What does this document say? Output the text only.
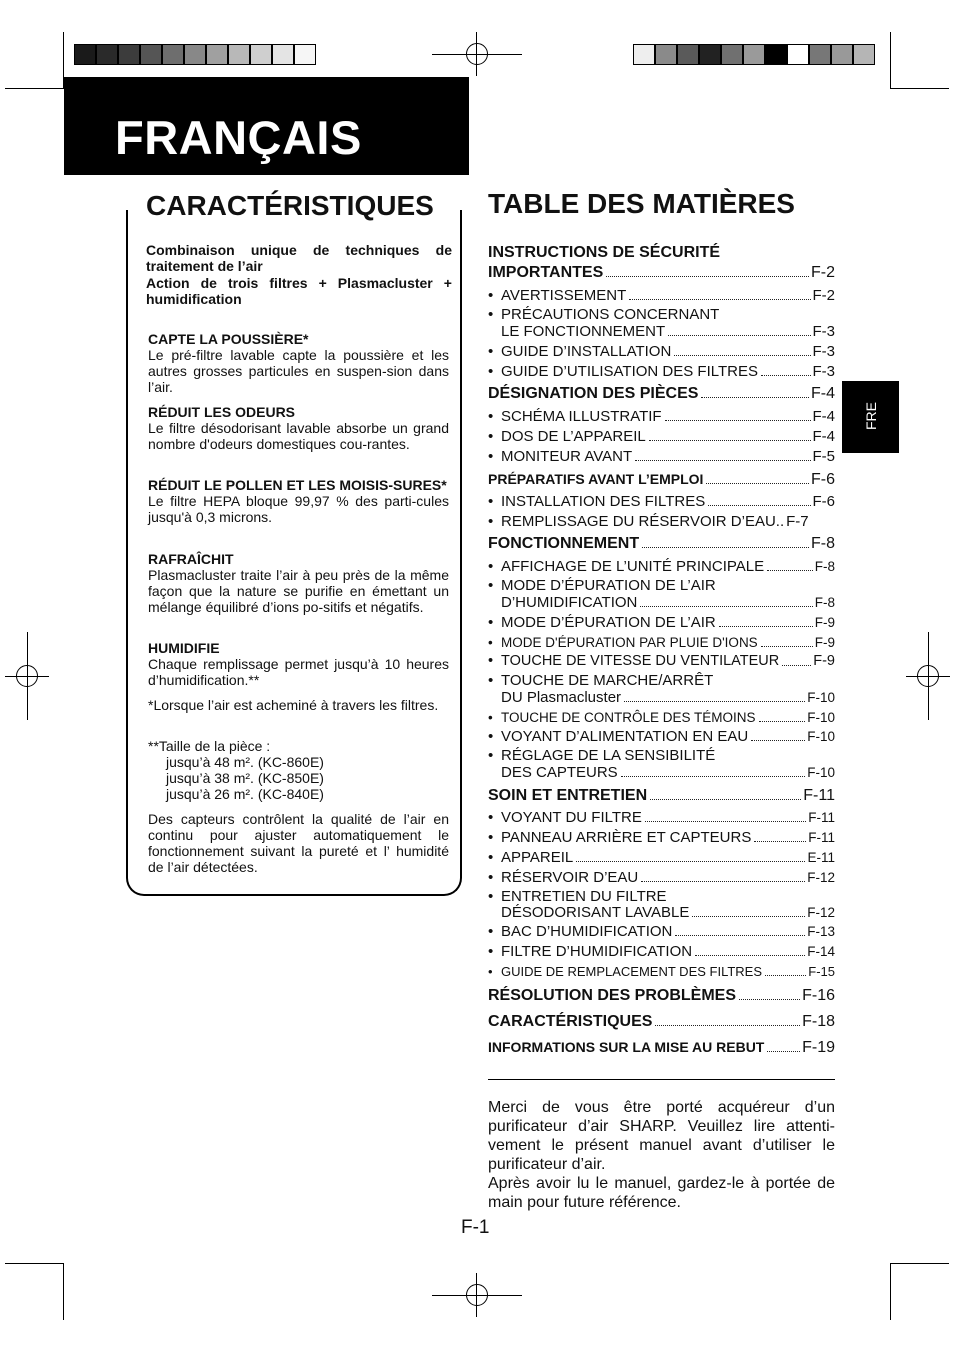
FRANÇAIS
FRE
CARACTÉRISTIQUES
Combinaison unique de techniques de traitement de l’air
Action de trois filtres + Plasmacluster + humidification
CAPTE LA POUSSIÈRE*
Le pré-filtre lavable capte la poussière et les autres grosses particules en suspen-sion dans l’air.
RÉDUIT LES ODEURS
Le filtre désodorisant lavable absorbe un grand nombre d'odeurs domestiques cou-rantes.
RÉDUIT LE POLLEN ET LES MOISIS-SURES*
Le filtre HEPA bloque 99,97 % des parti-cules jusqu'à 0,3 microns.
RAFRAÎCHIT
Plasmacluster traite l’air à peu près de la même façon que la nature se purifie en émettant un mélange équilibré d’ions po-sitifs et négatifs.
HUMIDIFIE
Chaque remplissage permet jusqu’à 10 heures d’humidification.**
*Lorsque l’air est acheminé à travers les filtres.
**Taille de la pièce :
jusqu’à 48 m². (KC-860E)
jusqu’à 38 m². (KC-850E)
jusqu’à 26 m². (KC-840E)
Des capteurs contrôlent la qualité de l’air en continu pour ajuster automatiquement le fonctionnement suivant la pureté et l’ humidité de l’air détectées.
TABLE DES MATIÈRES
INSTRUCTIONS DE SÉCURITÉ
IMPORTANTES	F-2
• AVERTISSEMENT	F-2
• PRÉCAUTIONS CONCERNANT
LE FONCTIONNEMENT	F-3
• GUIDE D’INSTALLATION	F-3
• GUIDE D’UTILISATION DES FILTRES	F-3
DÉSIGNATION DES PIÈCES	F-4
• SCHÉMA ILLUSTRATIF	F-4
• DOS DE L’APPAREIL	F-4
• MONITEUR AVANT	F-5
PRÉPARATIFS AVANT L’EMPLOI	F-6
• INSTALLATION DES FILTRES	F-6
• REMPLISSAGE DU RÉSERVOIR D’EAU.. F-7
FONCTIONNEMENT	F-8
• AFFICHAGE DE L’UNITÉ PRINCIPALE	F-8
• MODE D’ÉPURATION DE L’AIR
D’HUMIDIFICATION	F-8
• MODE D’ÉPURATION DE L’AIR	F-9
• MODE D'ÉPURATION PAR PLUIE D'IONS	F-9
• TOUCHE DE VITESSE DU VENTILATEUR F-9
• TOUCHE DE MARCHE/ARRÊT
DU Plasmacluster	F-10
• TOUCHE DE CONTRÔLE DES TÉMOINS	F-10
• VOYANT D’ALIMENTATION EN EAU	F-10
• RÉGLAGE DE LA SENSIBILITÉ
DES CAPTEURS	F-10
SOIN ET ENTRETIEN	F-11
• VOYANT DU FILTRE	F-11
• PANNEAU ARRIÈRE ET CAPTEURS	F-11
• APPAREIL	E-11
• RÉSERVOIR D’EAU	F-12
• ENTRETIEN DU FILTRE
DÉSODORISANT LAVABLE	F-12
• BAC D’HUMIDIFICATION	F-13
• FILTRE D’HUMIDIFICATION	F-14
• GUIDE DE REMPLACEMENT DES FILTRES	F-15
RÉSOLUTION DES PROBLÈMES	F-16
CARACTÉRISTIQUES	F-18
INFORMATIONS SUR LA MISE AU REBUT F-19
Merci de vous être porté acquéreur d’un purificateur d’air SHARP. Veuillez lire attenti-vement le présent manuel avant d’utiliser le purificateur d’air.
Après avoir lu le manuel, gardez-le à portée de main pour future référence.
F-1
